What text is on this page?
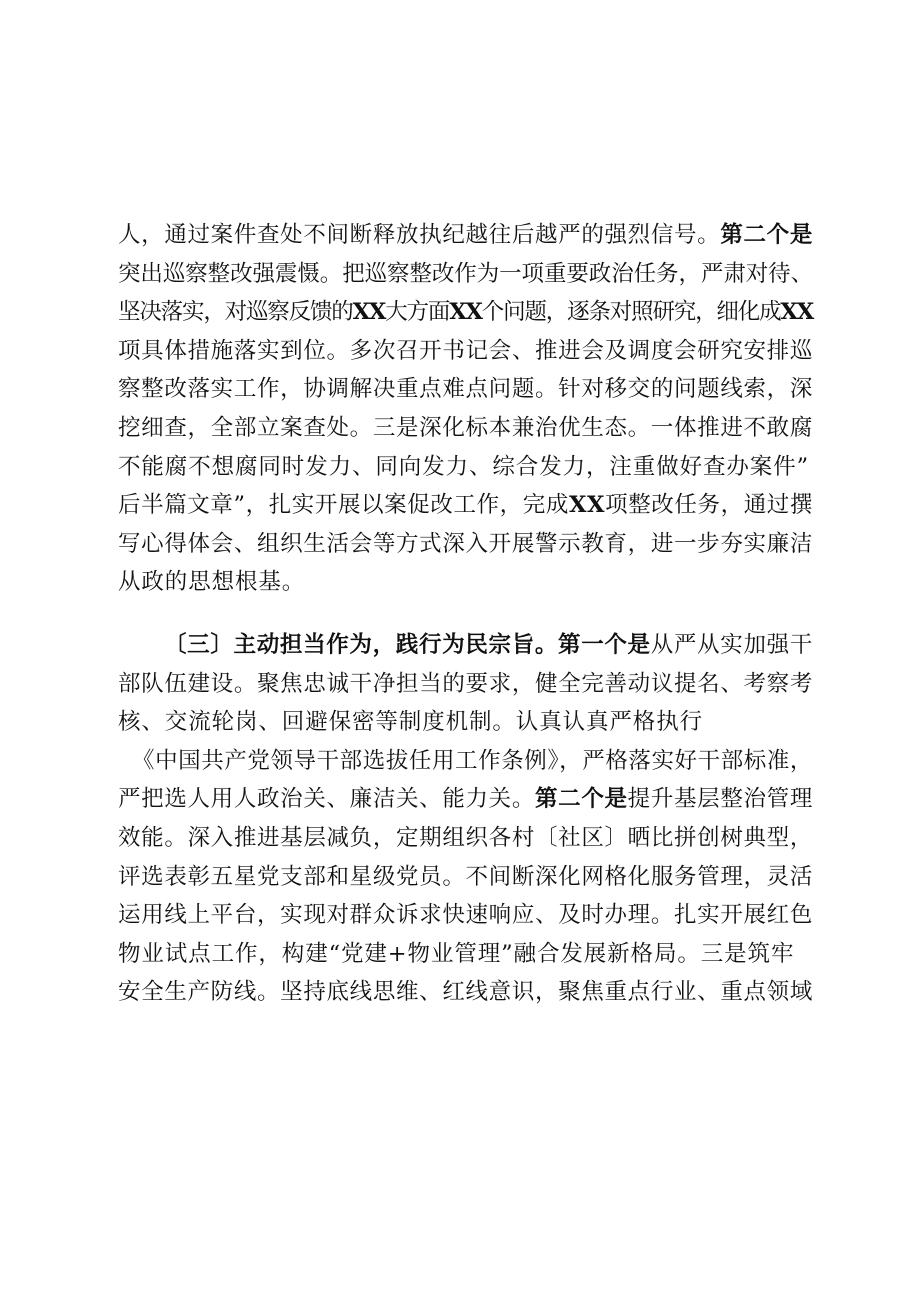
人，通过案件查处不间断释放执纪越往后越严的强烈信号。第二个是
突出巡察整改强震慑。把巡察整改作为一项重要政治任务，严肃对待、
坚决落实，对巡察反馈的XX大方面XX个问题，逐条对照研究，细化成XX
项具体措施落实到位。多次召开书记会、推进会及调度会研究安排巡
察整改落实工作，协调解决重点难点问题。针对移交的问题线索，深
挖细查，全部立案查处。三是深化标本兼治优生态。一体推进不敢腐
不能腐不想腐同时发力、同向发力、综合发力，注重做好查办案件”
后半篇文章”，扎实开展以案促改工作，完成XX项整改任务，通过撰
写心得体会、组织生活会等方式深入开展警示教育，进一步夯实廉洁
从政的思想根基。
〔三〕主动担当作为，践行为民宗旨。第一个是从严从实加强干
部队伍建设。聚焦忠诚干净担当的要求，健全完善动议提名、考察考
核、交流轮岗、回避保密等制度机制。认真认真严格执行
《中国共产党领导干部选拔任用工作条例》，严格落实好干部标准，
严把选人用人政治关、廉洁关、能力关。第二个是提升基层整治管理
效能。深入推进基层减负，定期组织各村〔社区〕晒比拼创树典型，
评选表彰五星党支部和星级党员。不间断深化网格化服务管理，灵活
运用线上平台，实现对群众诉求快速响应、及时办理。扎实开展红色
物业试点工作，构建“党建+物业管理”融合发展新格局。三是筑牢
安全生产防线。坚持底线思维、红线意识，聚焦重点行业、重点领域
